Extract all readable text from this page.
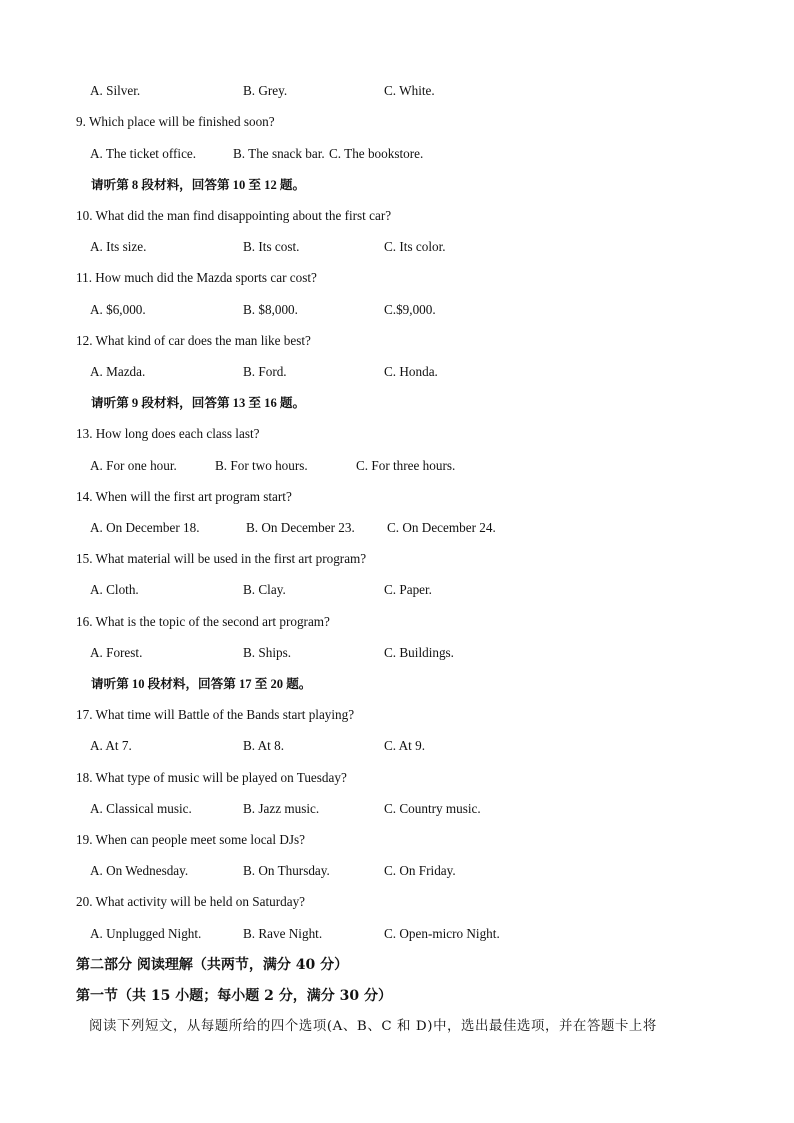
A. Silver.	B. Grey.	C. White.
9. Which place will be finished soon?
A. The ticket office.	B. The snack bar. C. The bookstore.
请听第 8 段材料，回答第 10 至 12 题。
10. What did the man find disappointing about the first car?
A. Its size.	B. Its cost.	C. Its color.
11. How much did the Mazda sports car cost?
A. $6,000.	B. $8,000.	C.$9,000.
12. What kind of car does the man like best?
A. Mazda.	B. Ford.	C. Honda.
请听第 9 段材料，回答第 13 至 16 题。
13. How long does each class last?
A. For one hour.	B. For two hours.	C. For three hours.
14. When will the first art program start?
A. On December 18.	B. On December 23. C. On December 24.
15. What material will be used in the first art program?
A. Cloth.	B. Clay.	C. Paper.
16. What is the topic of the second art program?
A. Forest.	B. Ships.	C. Buildings.
请听第 10 段材料，回答第 17 至 20 题。
17. What time will Battle of the Bands start playing?
A. At 7.	B. At 8.	C. At 9.
18. What type of music will be played on Tuesday?
A. Classical music.	B. Jazz music.	C. Country music.
19. When can people meet some local DJs?
A. On Wednesday.	B. On Thursday.	C. On Friday.
20. What activity will be held on Saturday?
A. Unplugged Night.	B. Rave Night.	C. Open-micro Night.
第二部分 阅读理解（共两节，满分 40 分）
第一节（共 15 小题；每小题 2 分，满分 30 分）
阅读下列短文，从每题所给的四个选项(A、B、C 和 D)中，选出最佳选项，并在答题卡上将
